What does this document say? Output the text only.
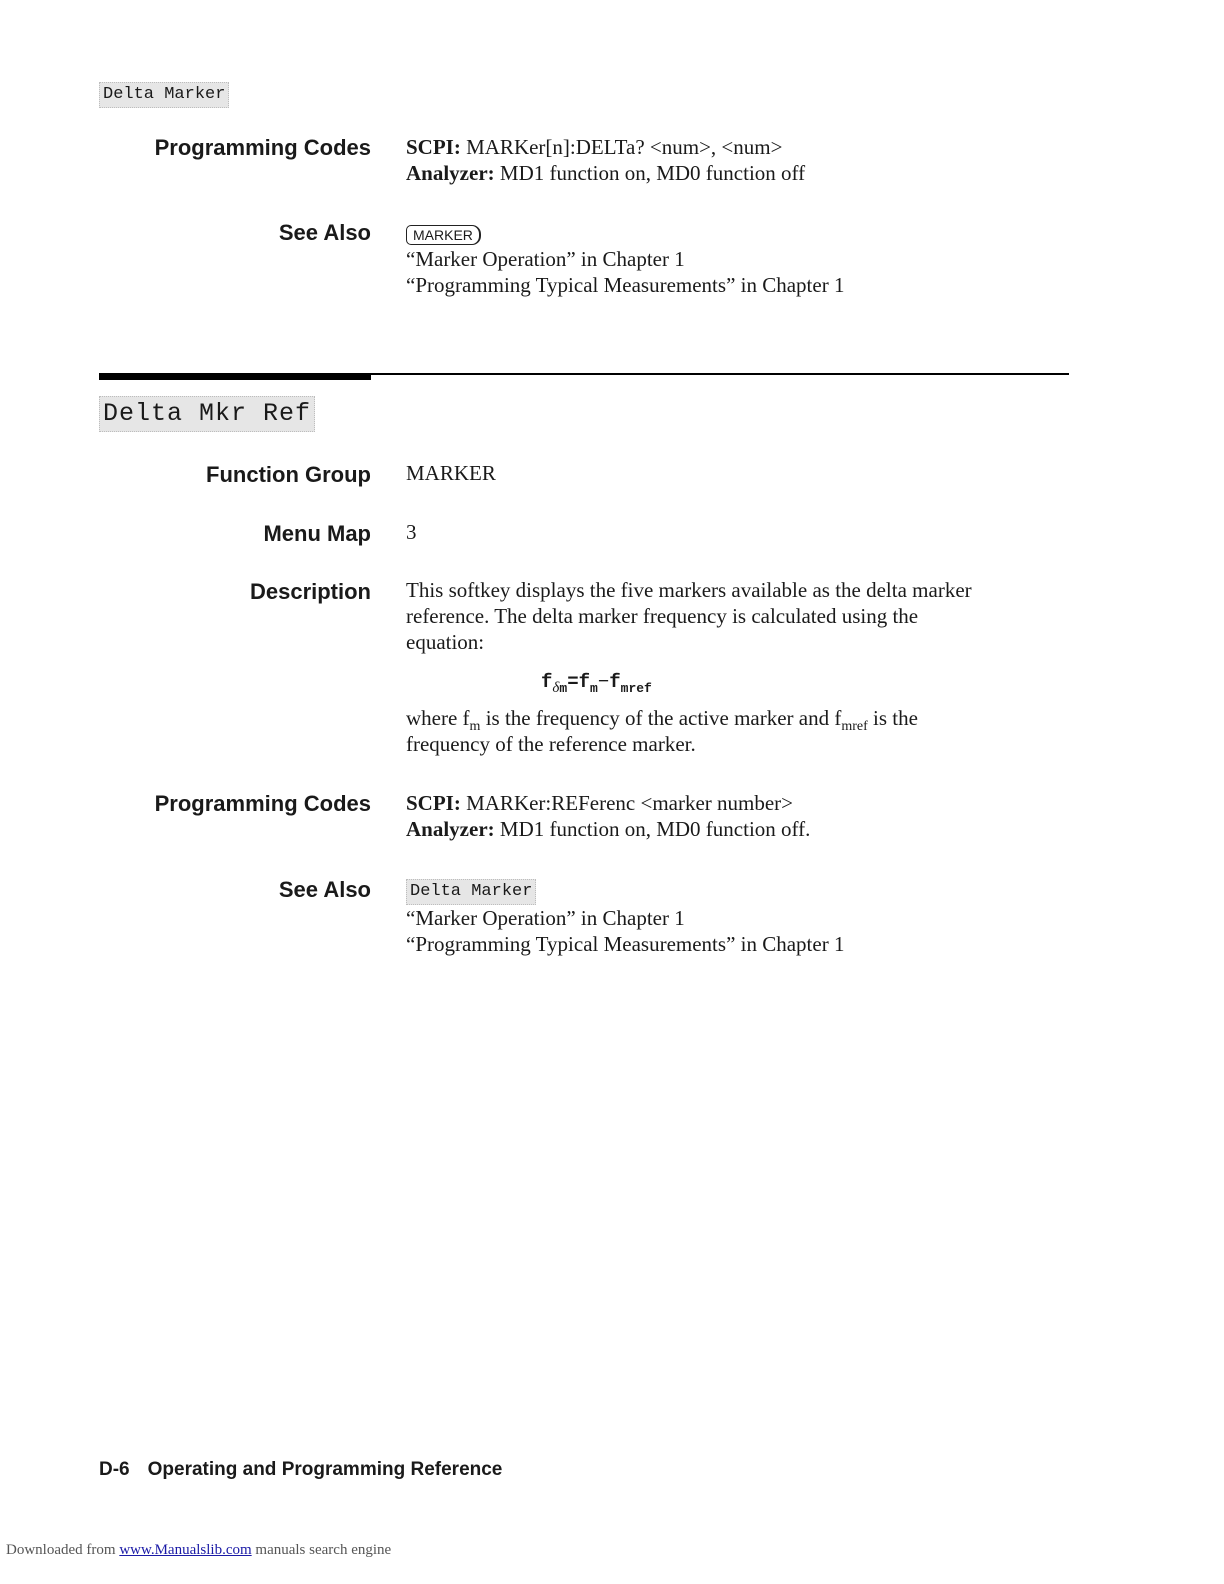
Delta Marker
Programming Codes SCPI: MARKer[n]:DELTa? <num>, <num>
Analyzer: MD1 function on, MD0 function off
See Also	MARKER
“Marker Operation” in Chapter 1
“Programming Typical Measurements” in Chapter 1
Delta Mkr Ref
Function Group MARKER
Menu Map 3
Description This softkey displays the five markers available as the delta marker
reference. The delta marker frequency is calculated using the
equation:
$f_{\delta m}=f_m-f_{mref}$
where $f_m$ is the frequency of the active marker and $f_{mref}$ is the
frequency of the reference marker.
Programming Codes SCPI: MARKer:REFerenc <marker number>
Analyzer: MD1 function on, MD0 function off.
See Also Delta Marker
“Marker Operation” in Chapter 1
“Programming Typical Measurements” in Chapter 1
D-6 Operating and Programming Reference
Downloaded from www.Manualslib.com manuals search engine
